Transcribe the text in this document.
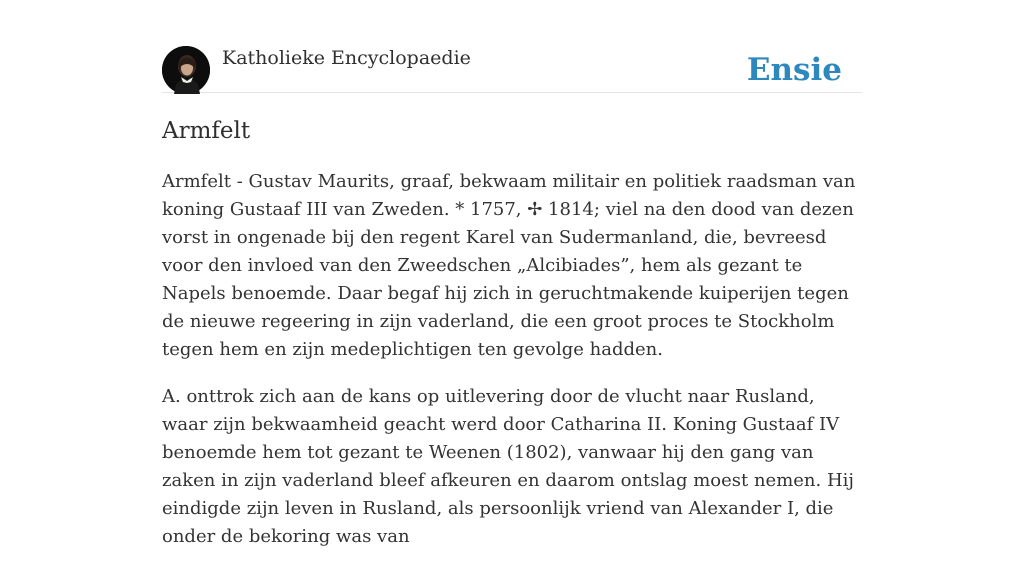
Katholieke Encyclopaedie	Ensie
Armfelt

Armfelt - Gustav Maurits, graaf, bekwaam militair en politiek raadsman van koning Gustaaf III van Zweden. * 1757, ✢ 1814; viel na den dood van dezen vorst in ongenade bij den regent Karel van Sudermanland, die, bevreesd voor den invloed van den Zweedschen „Alcibiades”, hem als gezant te Napels benoemde. Daar begaf hij zich in geruchtmakende kuiperijen tegen de nieuwe regeering in zijn vaderland, die een groot proces te Stockholm tegen hem en zijn medeplichtigen ten gevolge hadden.

A. onttrok zich aan de kans op uitlevering door de vlucht naar Rusland, waar zijn bekwaamheid geacht werd door Catharina II. Koning Gustaaf IV benoemde hem tot gezant te Weenen (1802), vanwaar hij den gang van zaken in zijn vaderland bleef afkeuren en daarom ontslag moest nemen. Hij eindigde zijn leven in Rusland, als persoonlijk vriend van Alexander I, die onder de bekoring was van
